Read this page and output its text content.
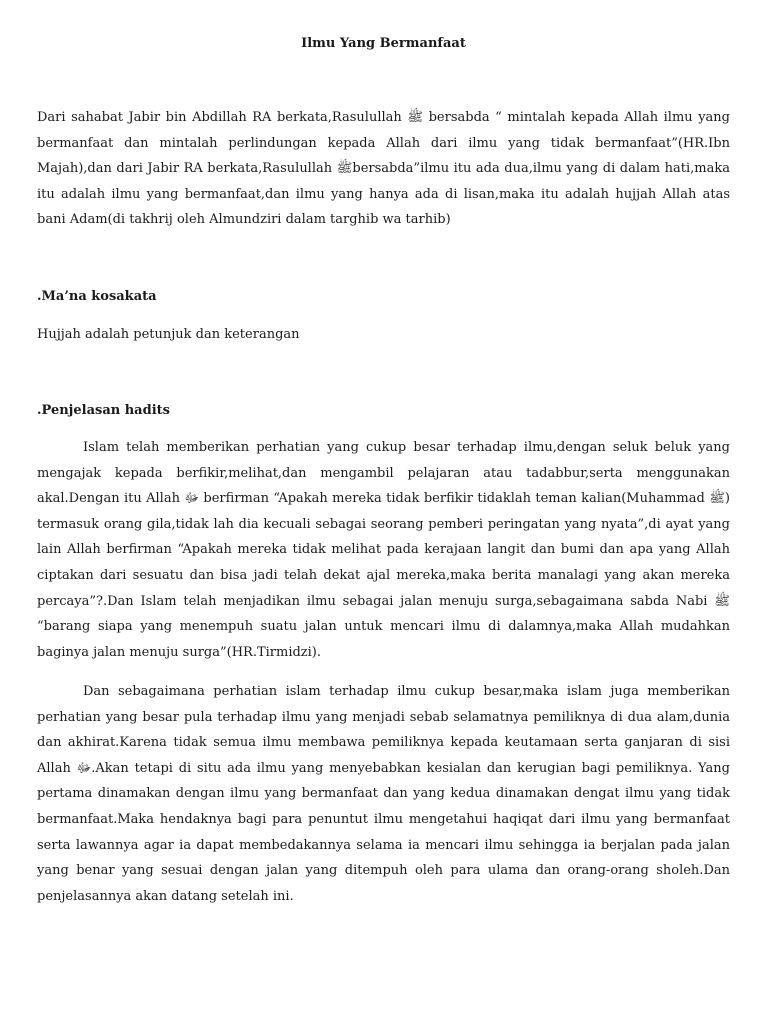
Ilmu Yang Bermanfaat

Dari sahabat Jabir bin Abdillah RA berkata,Rasulullah ﷺ bersabda “ mintalah kepada Allah ilmu yang bermanfaat dan mintalah perlindungan kepada Allah dari ilmu yang tidak bermanfaat”(HR.Ibn Majah),dan dari Jabir RA berkata,Rasulullah ﷺbersabda”ilmu itu ada dua,ilmu yang di dalam hati,maka itu adalah ilmu yang bermanfaat,dan ilmu yang hanya ada di lisan,maka itu adalah hujjah Allah atas bani Adam(di takhrij oleh Almundziri dalam targhib wa tarhib)

.Ma’na kosakata

Hujjah adalah petunjuk dan keterangan

.Penjelasan hadits

Islam telah memberikan perhatian yang cukup besar terhadap ilmu,dengan seluk beluk yang mengajak kepada berfikir,melihat,dan mengambil pelajaran atau tadabbur,serta menggunakan akal.Dengan itu Allah ﷻ berfirman “Apakah mereka tidak berfikir tidaklah teman kalian(Muhammad ﷺ) termasuk orang gila,tidak lah dia kecuali sebagai seorang pemberi peringatan yang nyata”,di ayat yang lain Allah berfirman “Apakah mereka tidak melihat pada kerajaan langit dan bumi dan apa yang Allah ciptakan dari sesuatu dan bisa jadi telah dekat ajal mereka,maka berita manalagi yang akan mereka percaya”?.Dan Islam telah menjadikan ilmu sebagai jalan menuju surga,sebagaimana sabda Nabi ﷺ “barang siapa yang menempuh suatu jalan untuk mencari ilmu di dalamnya,maka Allah mudahkan baginya jalan menuju surga”(HR.Tirmidzi).

Dan sebagaimana perhatian islam terhadap ilmu cukup besar,maka islam juga memberikan perhatian yang besar pula terhadap ilmu yang menjadi sebab selamatnya pemiliknya di dua alam,dunia dan akhirat.Karena tidak semua ilmu membawa pemiliknya kepada keutamaan serta ganjaran di sisi Allah ﷻ.Akan tetapi di situ ada ilmu yang menyebabkan kesialan dan kerugian bagi pemiliknya. Yang pertama dinamakan dengan ilmu yang bermanfaat dan yang kedua dinamakan dengat ilmu yang tidak bermanfaat.Maka hendaknya bagi para penuntut ilmu mengetahui haqiqat dari ilmu yang bermanfaat serta lawannya agar ia dapat membedakannya selama ia mencari ilmu sehingga ia berjalan pada jalan yang benar yang sesuai dengan jalan yang ditempuh oleh para ulama dan orang-orang sholeh.Dan penjelasannya akan datang setelah ini.
